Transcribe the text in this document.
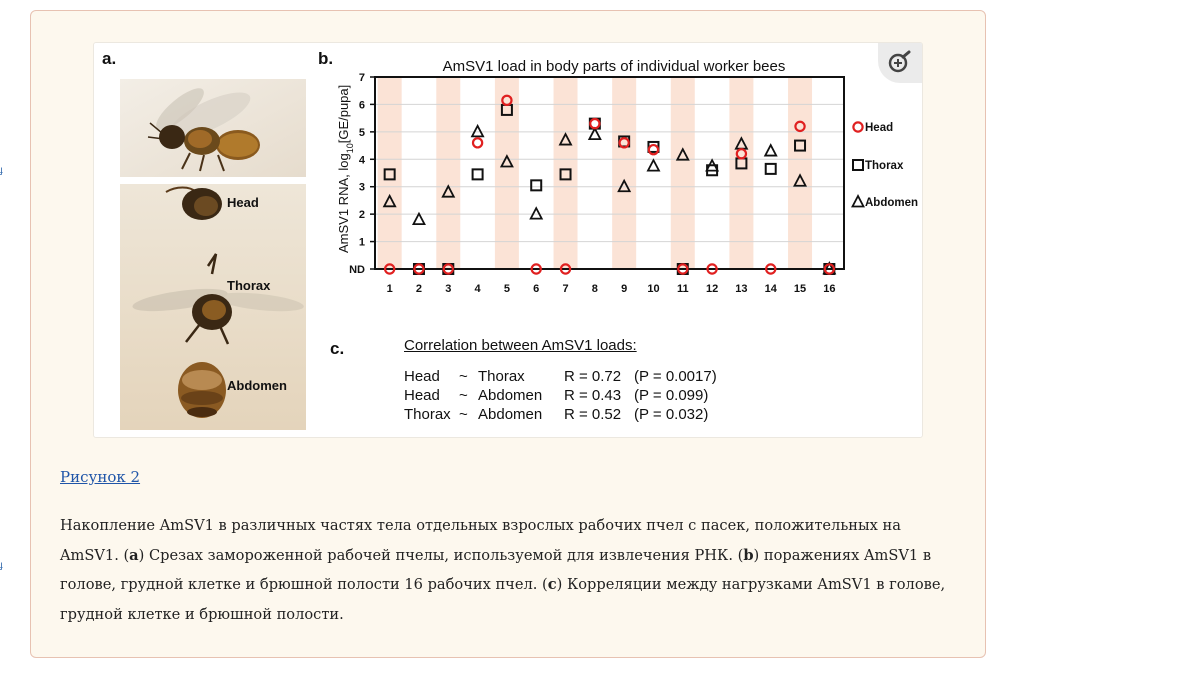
ɟ
ɟ
a.
Head
Thorax
Abdomen
b.	AmSV1 load in body parts of individual worker bees
AmSV1 RNA, $\log_{10}[GE/pupa]$
ND
1
2
3
4
5
6
7
1 2 3 4 5 6 7 8 9 10 11 12 13 14 15 16
Head
Thorax
Abdomen
c.	Correlation between AmSV1 loads:
Head ~ Thorax	R = 0.72 (P = 0.0017)
Head ~ Abdomen R = 0.43 (P = 0.099)
Thorax ~ Abdomen R = 0.52 (P = 0.032)
Рисунок 2
Накопление AmSV1 в различных частях тела отдельных взрослых рабочих пчел с пасек, положительных на AmSV1. (a) Срезах замороженной рабочей пчелы, используемой для извлечения РНК. (b) поражениях AmSV1 в голове, грудной клетке и брюшной полости 16 рабочих пчел. (c) Корреляции между нагрузками AmSV1 в голове, грудной клетке и брюшной полости.
